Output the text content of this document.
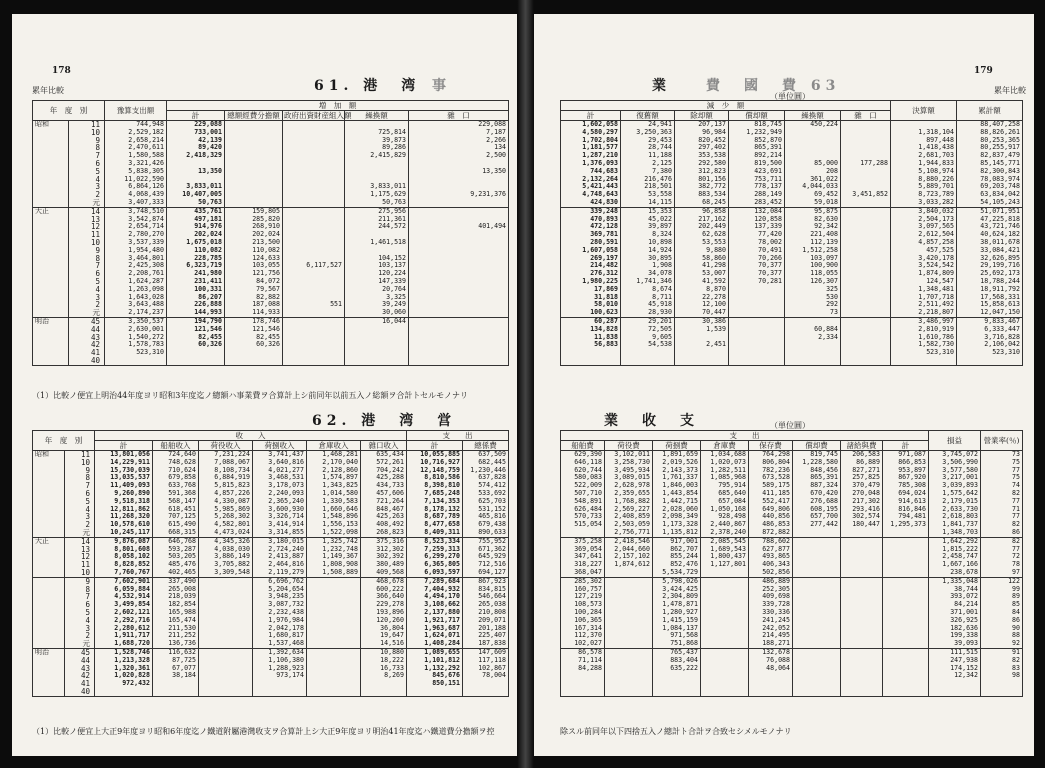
178
累年比較	61. 港　湾 事
年　度　別		豫算支出額	増　加　額				
			計	總額經費分擔額	政府出資財産組入額	繰換額	雜　口
昭和	11	744,948	229,088				229,088
	10	2,529,182	733,001			725,814	7,187
	9	2,658,214	42,139			39,873	2,266
	8	2,470,611	89,420			89,286	134
	7	1,580,588	2,418,329			2,415,829	2,500
	6	3,321,426					
	5	5,838,305	13,350				13,350
	4	11,022,590					
	3	6,864,126	3,833,011			3,833,011	
	2	4,068,439	10,407,005			1,175,629	9,231,376
	元	3,407,333	50,763			50,763	
大正	14	3,748,510	435,761	159,805		275,956	
	13	3,542,874	497,181	285,820		211,361	
	12	2,654,714	914,976	268,910		244,572	401,494
	11	2,780,270	202,024	202,024			
	10	3,537,339	1,675,018	213,500		1,461,518	
	9	1,954,480	110,082	110,082			
	8	3,464,801	228,785	124,633		104,152	
	7	2,425,308	6,323,719	103,055	6,117,527	103,137	
	6	2,208,761	241,980	121,756		120,224	
	5	1,624,287	231,411	84,072		147,339	
	4	1,263,098	100,331	79,567		20,764	
	3	1,643,028	86,207	82,882		3,325	
	2	3,643,488	226,888	187,088	551	39,249	
	元	2,174,237	144,993	114,933		30,060	
明治	45	3,350,537	194,790	178,746		16,044	
	44	2,630,001	121,546	121,546			
	43	1,540,272	82,455	82,455			
	42	1,578,783	60,326	60,326			
	41	523,310					
	40						
（1）比較ノ便宜上明治44年度ヨリ昭和3年度迄ノ總額ハ事業費ヲ合算計上シ前同年以前五入ノ総額ヲ合計トセルモノナリ
62. 港　湾　営
年　度　別		收　　入						支　　出	
		計	船舶收入	荷役收入	荷捌收入	倉庫收入	雜口收入	計	總係費
昭和	11	13,801,056	724,640	7,231,224	3,741,437	1,468,281	635,434	10,055,885	637,509
	10	14,229,911	748,628	7,088,067	3,640,816	2,170,040	572,261	10,716,927	682,445
	9	15,730,039	710,624	8,108,734	4,021,277	2,128,860	704,242	12,148,759	1,230,446
	8	13,035,537	679,858	6,884,919	3,468,531	1,574,897	425,288	8,810,586	637,828
	7	11,409,093	633,768	5,815,823	3,178,073	1,343,825	434,733	8,398,810	574,412
	6	9,260,890	591,368	4,857,226	2,240,093	1,014,580	457,606	7,685,248	533,692
	5	9,518,318	568,147	4,330,087	2,365,240	1,330,583	721,264	7,134,353	625,703
	4	12,811,862	618,451	5,985,869	3,600,930	1,660,646	848,467	8,178,132	531,152
	3	11,268,320	707,125	5,268,302	3,326,714	1,548,896	425,263	8,687,789	465,816
	2	10,578,610	615,490	4,582,801	3,414,914	1,556,153	408,492	8,477,658	679,438
	元	10,245,117	668,315	4,473,024	3,314,855	1,522,098	268,823	8,409,311	890,633
大正	14	9,876,087	646,768	4,345,326	3,180,015	1,325,742	375,316	8,523,334	755,952
	13	8,801,608	593,287	4,038,030	2,724,240	1,232,748	312,302	7,259,313	671,362
	12	8,058,102	503,205	3,886,149	2,413,887	1,149,367	302,392	6,299,270	645,929
	11	8,828,852	485,476	3,705,882	2,464,816	1,808,908	380,489	6,365,805	712,516
	10	7,760,767	402,465	3,309,548	2,119,279	1,508,889	409,568	6,093,597	694,127
	9	7,602,901	337,490		6,696,762		468,678	7,289,684	867,923
	8	6,059,884	265,008		5,204,654		600,222	7,404,932	834,815
	7	4,532,914	218,039		3,948,235		366,640	4,494,170	546,664
	6	3,499,854	182,854		3,087,732		229,278	3,108,662	265,038
	5	2,602,121	165,988		2,232,438		193,896	2,137,880	210,808
	4	2,292,716	165,474		1,976,984		120,260	1,921,717	209,071
	3	2,280,612	211,530		2,042,178		36,804	1,963,687	201,188
	2	1,911,717	211,252		1,680,817		19,647	1,624,071	225,407
	元	1,688,720	136,736		1,537,468		14,516	1,408,284	187,838
明治	45	1,528,746	116,632		1,392,634		10,880	1,089,655	147,609
	44	1,213,328	87,725		1,106,380		18,222	1,101,812	117,118
	43	1,320,361	67,077		1,288,923		16,733	1,132,292	102,867
	42	1,020,828	38,184		973,174		8,269	845,676	78,004
	41	972,432						850,151	
	40								
（1）比較ノ便宜上大正9年度ヨリ昭和6年度迄ノ鐵道附屬港灣收支ヲ合算計上シ大正9年度ヨリ明治41年度迄ハ鐵道費分擔額ヲ控
179
累年比較
業	費　國　費 63
（単位圓）
減　少　額						決算額	累計額
計	復舊額	除却額	償却額	繰換額	雜　口		
1,602,058	24,941	207,137	818,745	450,224			88,407,258
4,580,297	3,250,363	96,984	1,232,949			1,318,104	88,826,261
1,702,804	29,453	820,452	852,870			897,448	80,253,365
1,181,577	28,744	297,402	865,391			1,418,438	80,255,917
1,287,210	11,188	353,538	892,214			2,681,703	82,837,479
1,376,093	2,125	292,580	819,500	85,000	177,288	1,944,833	85,145,771
744,683	7,380	312,823	423,691	208		5,108,974	82,300,843
2,132,264	216,476	801,156	753,711	361,022		8,880,226	78,083,974
5,421,443	218,501	382,772	778,137	4,044,033		5,889,701	69,203,748
4,748,643	53,558	883,534	288,149	69,452	3,451,852	8,723,789	63,834,042
424,830	14,115	68,245	283,452	59,018		3,033,282	54,105,243
339,248	15,353	96,858	132,084	95,875		3,840,032	51,071,951
470,893	45,022	217,162	120,858	82,630		2,504,173	47,225,818
472,128	39,897	202,449	137,339	92,342		3,097,565	43,721,746
369,781	8,324	62,628	77,420	221,408		2,612,504	40,624,182
280,591	10,898	53,553	78,002	112,139		4,857,258	38,011,678
1,607,058	14,924	9,880	70,491	1,512,258		457,525	33,084,421
269,197	30,895	58,860	70,266	103,097		3,420,178	32,626,895
214,482	1,908	41,298	70,377	100,900		3,524,542	29,199,716
276,312	34,078	53,007	70,377	118,055		1,874,809	25,692,173
1,980,225	1,741,346	41,592	70,281	126,307		124,547	18,788,244
17,869	8,674	8,870		325		1,348,481	18,911,792
31,818	8,711	22,278		530		1,707,718	17,568,331
58,010	45,918	12,100		292		2,511,492	15,858,613
100,623	28,930	70,447		73		2,218,807	12,047,150
60,287	29,201	30,386				3,486,997	9,833,467
134,828	72,505	1,539		60,884		2,810,919	6,333,447
11,838	9,605			2,334		1,610,786	3,716,828
56,883	54,538	2,451				1,582,730	2,106,042
						523,310	523,310

業　收　支	（単位圓）
支　　出								損益	營業率(％)
船舶費	荷役費	荷捌費	倉庫費	保存費	償却費	諸給與費	計		
629,390	3,102,011	1,891,659	1,034,688	764,298	819,745	206,583	971,087	3,745,072	73
646,118	3,258,730	2,019,526	1,020,073	806,804	1,228,580	86,889	866,853	3,506,990	75
620,744	3,495,934	2,143,373	1,282,511	782,236	848,456	827,271	953,897	3,577,580	77
580,083	3,089,015	1,761,337	1,085,968	673,528	865,391	257,825	867,920	3,217,001	75
522,009	2,628,978	1,846,003	795,914	589,175	887,324	370,479	785,308	3,039,893	74
507,710	2,359,655	1,443,854	685,640	411,185	670,420	270,048	694,024	1,575,642	82
548,891	1,768,882	1,442,715	657,084	552,417	276,688	217,302	914,613	2,179,015	77
626,484	2,569,227	2,028,060	1,050,168	649,806	608,195	293,416	816,846	2,633,730	71
570,733	2,408,859	2,098,349	928,498	440,856	657,700	302,574	794,481	2,618,803	77
515,054	2,503,059	1,173,328	2,440,867	486,853	277,442	180,447	1,295,373	1,841,737	82
	2,756,771	1,135,812	2,378,240	872,882				1,348,703	86
375,258	2,418,546	917,001	2,085,545	788,602				1,642,292	82
369,054	2,044,660	862,707	1,689,543	627,877				1,815,222	77
347,641	2,157,102	855,244	1,800,437	493,865				2,458,747	72
318,227	1,874,612	852,476	1,127,801	406,343				1,667,166	78
368,047		5,534,729		502,856				238,678	97
285,302		5,798,026		486,889				1,335,048	122
160,757		3,424,425		252,305				38,744	99
127,219		2,304,809		409,698				393,072	89
108,573		1,478,871		339,728				84,214	85
100,284		1,280,927		330,336				371,001	84
106,365		1,415,159		241,245				326,925	86
167,314		1,084,137		242,052				182,636	90
112,370		971,568		214,495				199,338	88
102,027		751,868		188,271				39,093	92
86,578		765,437		132,678				111,515	91
71,114		883,404		76,088				247,938	82
84,288		635,222		48,064				174,152	83
								12,342	98

除スル前同年以下四捨五入ノ總計ト合計ヲ合致セシメルモノナリ
